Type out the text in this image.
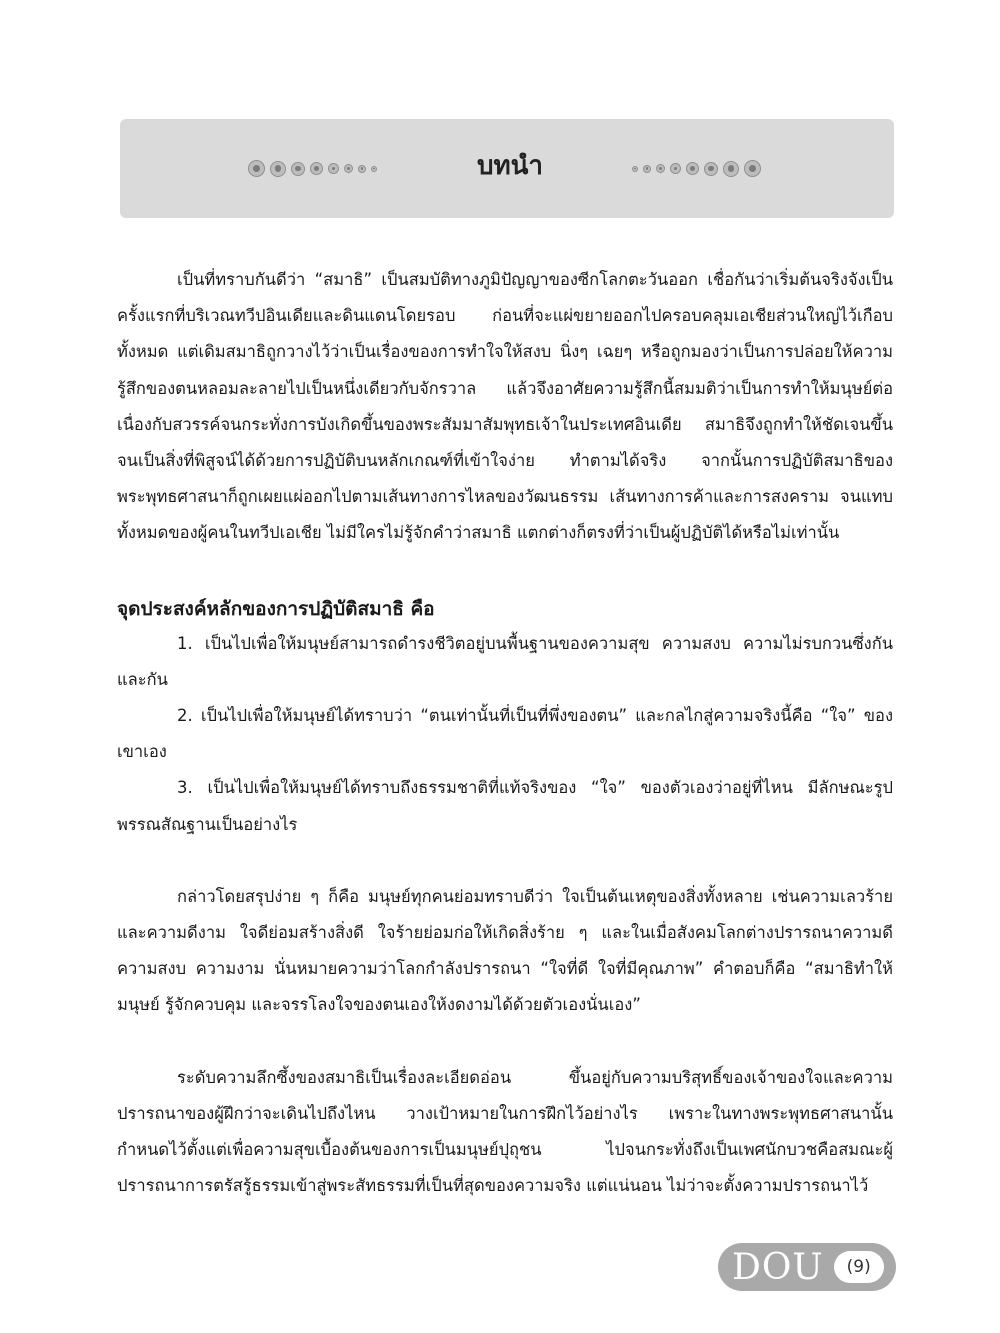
บทนำ

เป็นที่ทราบกันดีว่า “สมาธิ” เป็นสมบัติทางภูมิปัญญาของซีกโลกตะวันออก เชื่อกันว่าเริ่มต้นจริงจังเป็นครั้งแรกที่บริเวณทวีปอินเดียและดินแดนโดยรอบ ก่อนที่จะแผ่ขยายออกไปครอบคลุมเอเชียส่วนใหญ่ไว้เกือบทั้งหมด แต่เดิมสมาธิถูกวางไว้ว่าเป็นเรื่องของการทำใจให้สงบ นิ่งๆ เฉยๆ หรือถูกมองว่าเป็นการปล่อยให้ความรู้สึกของตนหลอมละลายไปเป็นหนึ่งเดียวกับจักรวาล แล้วจึงอาศัยความรู้สึกนี้สมมติว่าเป็นการทำให้มนุษย์ต่อเนื่องกับสวรรค์จนกระทั่งการบังเกิดขึ้นของพระสัมมาสัมพุทธเจ้าในประเทศอินเดีย สมาธิจึงถูกทำให้ชัดเจนขึ้น จนเป็นสิ่งที่พิสูจน์ได้ด้วยการปฏิบัติบนหลักเกณฑ์ที่เข้าใจง่าย ทำตามได้จริง จากนั้นการปฏิบัติสมาธิของพระพุทธศาสนาก็ถูกเผยแผ่ออกไปตามเส้นทางการไหลของวัฒนธรรม เส้นทางการค้าและการสงคราม จนแทบทั้งหมดของผู้คนในทวีปเอเชีย ไม่มีใครไม่รู้จักคำว่าสมาธิ แตกต่างก็ตรงที่ว่าเป็นผู้ปฏิบัติได้หรือไม่เท่านั้น

จุดประสงค์หลักของการปฏิบัติสมาธิ คือ

1. เป็นไปเพื่อให้มนุษย์สามารถดำรงชีวิตอยู่บนพื้นฐานของความสุข ความสงบ ความไม่รบกวนซึ่งกันและกัน

2. เป็นไปเพื่อให้มนุษย์ได้ทราบว่า “ตนเท่านั้นที่เป็นที่พึ่งของตน” และกลไกสู่ความจริงนี้คือ “ใจ” ของเขาเอง

3. เป็นไปเพื่อให้มนุษย์ได้ทราบถึงธรรมชาติที่แท้จริงของ “ใจ” ของตัวเองว่าอยู่ที่ไหน มีลักษณะรูปพรรณสัณฐานเป็นอย่างไร

กล่าวโดยสรุปง่าย ๆ ก็คือ มนุษย์ทุกคนย่อมทราบดีว่า ใจเป็นต้นเหตุของสิ่งทั้งหลาย เช่นความเลวร้ายและความดีงาม ใจดีย่อมสร้างสิ่งดี ใจร้ายย่อมก่อให้เกิดสิ่งร้าย ๆ และในเมื่อสังคมโลกต่างปรารถนาความดี ความสงบ ความงาม นั่นหมายความว่าโลกกำลังปรารถนา “ใจที่ดี ใจที่มีคุณภาพ” คำตอบก็คือ “สมาธิทำให้มนุษย์ รู้จักควบคุม และจรรโลงใจของตนเองให้งดงามได้ด้วยตัวเองนั่นเอง”

ระดับความลึกซึ้งของสมาธิเป็นเรื่องละเอียดอ่อน ขึ้นอยู่กับความบริสุทธิ์ของเจ้าของใจและความปรารถนาของผู้ฝึกว่าจะเดินไปถึงไหน วางเป้าหมายในการฝึกไว้อย่างไร เพราะในทางพระพุทธศาสนานั้นกำหนดไว้ตั้งแต่เพื่อความสุขเบื้องต้นของการเป็นมนุษย์ปุถุชน ไปจนกระทั่งถึงเป็นเพศนักบวชคือสมณะผู้ปรารถนาการตรัสรู้ธรรมเข้าสู่พระสัทธรรมที่เป็นที่สุดของความจริง แต่แน่นอน ไม่ว่าจะตั้งความปรารถนาไว้

DOU	(9)
